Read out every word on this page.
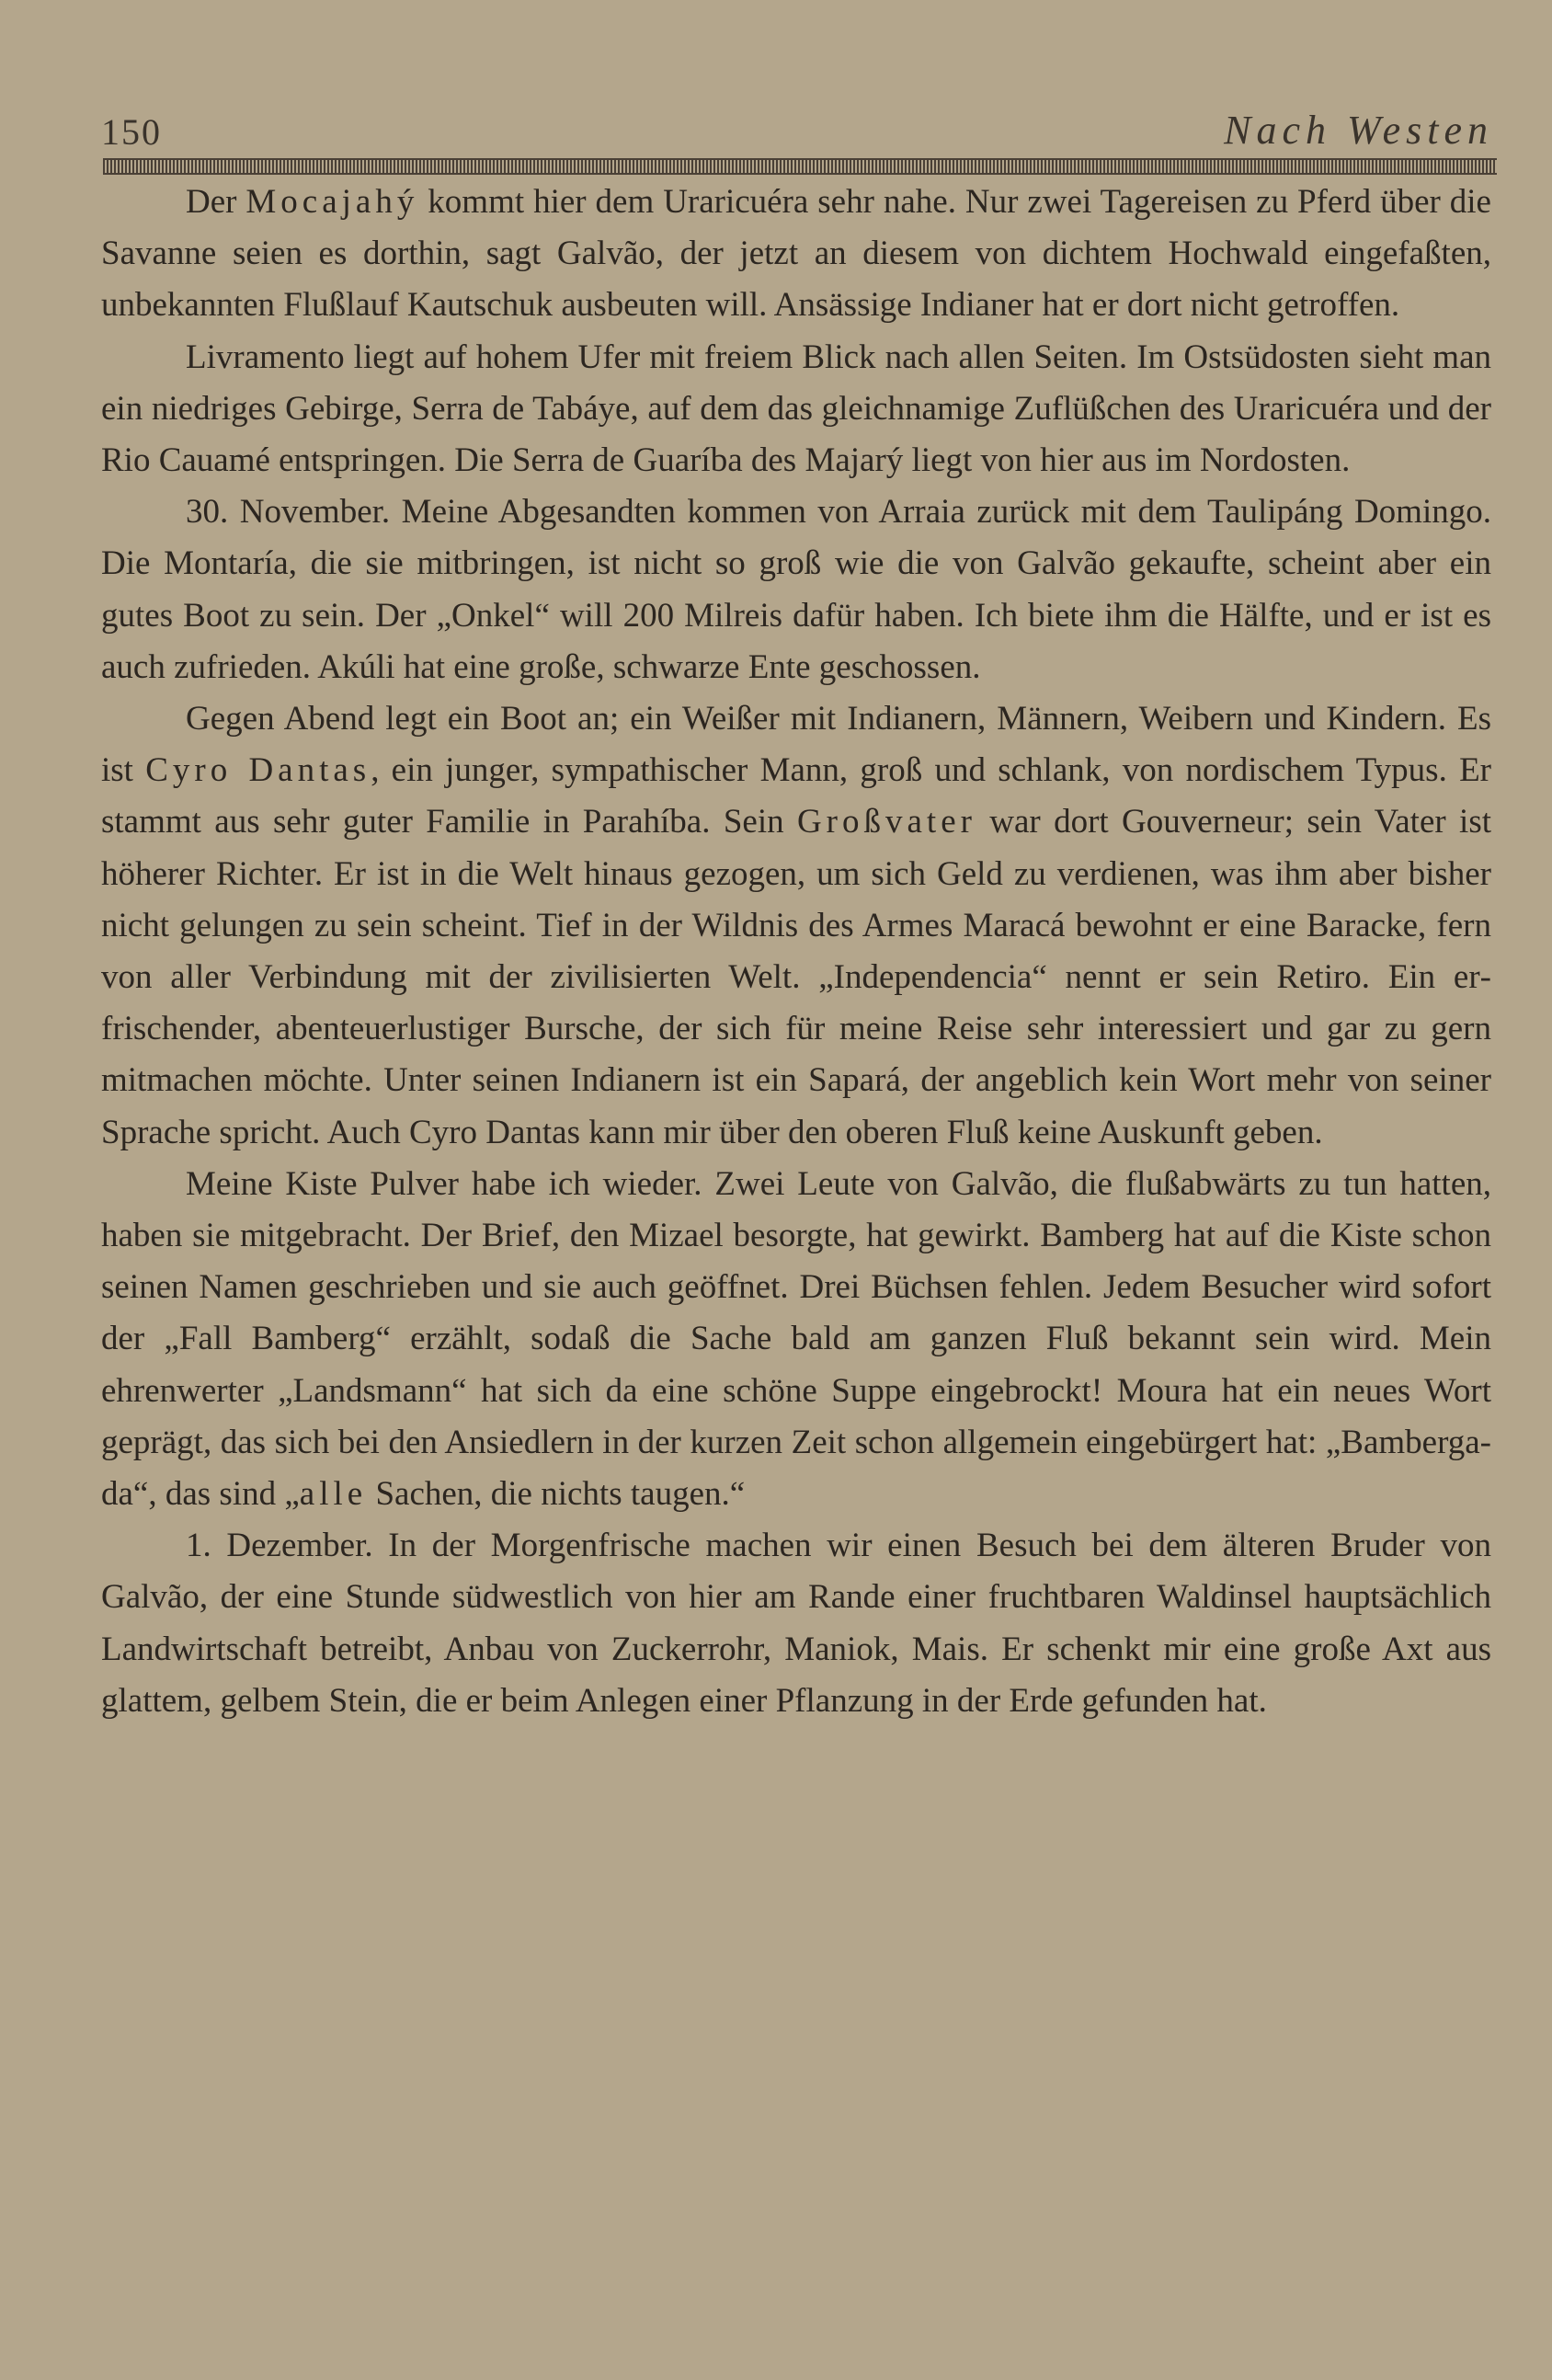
150	Nach Westen

Der Mocajahý kommt hier dem Uraricuéra sehr nahe. Nur zwei Tagereisen zu Pferd über die Savanne seien es dorthin, sagt Galvão, der jetzt an diesem von dichtem Hochwald eingefaßten, unbekannten Flußlauf Kautschuk ausbeuten will. Ansässige Indianer hat er dort nicht getroffen.

Livramento liegt auf hohem Ufer mit freiem Blick nach allen Seiten. Im Ostsüdosten sieht man ein niedriges Gebirge, Serra de Tabáye, auf dem das gleichnamige Zuflüßchen des Uraricuéra und der Rio Cauamé entspringen. Die Serra de Guaríba des Majarý liegt von hier aus im Nordosten.

30. November. Meine Abgesandten kommen von Arraia zurück mit dem Taulipáng Domingo. Die Montaría, die sie mitbringen, ist nicht so groß wie die von Galvão gekaufte, scheint aber ein gutes Boot zu sein. Der „Onkel“ will 200 Milreis dafür haben. Ich biete ihm die Hälfte, und er ist es auch zufrieden. Akúli hat eine große, schwarze Ente geschossen.

Gegen Abend legt ein Boot an; ein Weißer mit Indianern, Männern, Weibern und Kindern. Es ist Cyro Dantas, ein junger, sympathischer Mann, groß und schlank, von nordischem Typus. Er stammt aus sehr guter Familie in Parahíba. Sein Großvater war dort Gouverneur; sein Vater ist höherer Richter. Er ist in die Welt hinaus gezogen, um sich Geld zu verdienen, was ihm aber bisher nicht gelungen zu sein scheint. Tief in der Wildnis des Armes Maracá bewohnt er eine Baracke, fern von aller Verbindung mit der zivilisierten Welt. „Independencia“ nennt er sein Retiro. Ein erfrischender, abenteuerlustiger Bursche, der sich für meine Reise sehr interessiert und gar zu gern mitmachen möchte. Unter seinen Indianern ist ein Sapará, der angeblich kein Wort mehr von seiner Sprache spricht. Auch Cyro Dantas kann mir über den oberen Fluß keine Auskunft geben.

Meine Kiste Pulver habe ich wieder. Zwei Leute von Galvão, die flußabwärts zu tun hatten, haben sie mitgebracht. Der Brief, den Mizael besorgte, hat gewirkt. Bamberg hat auf die Kiste schon seinen Namen geschrieben und sie auch geöffnet. Drei Büchsen fehlen. Jedem Besucher wird sofort der „Fall Bamberg“ erzählt, sodaß die Sache bald am ganzen Fluß bekannt sein wird. Mein ehrenwerter „Landsmann“ hat sich da eine schöne Suppe eingebrockt! Moura hat ein neues Wort geprägt, das sich bei den Ansiedlern in der kurzen Zeit schon allgemein eingebürgert hat: „Bambergada“, das sind „alle Sachen, die nichts taugen.“

1. Dezember. In der Morgenfrische machen wir einen Besuch bei dem älteren Bruder von Galvão, der eine Stunde südwestlich von hier am Rande einer fruchtbaren Waldinsel hauptsächlich Landwirtschaft betreibt, Anbau von Zuckerrohr, Maniok, Mais. Er schenkt mir eine große Axt aus glattem, gelbem Stein, die er beim Anlegen einer Pflanzung in der Erde gefunden hat.
